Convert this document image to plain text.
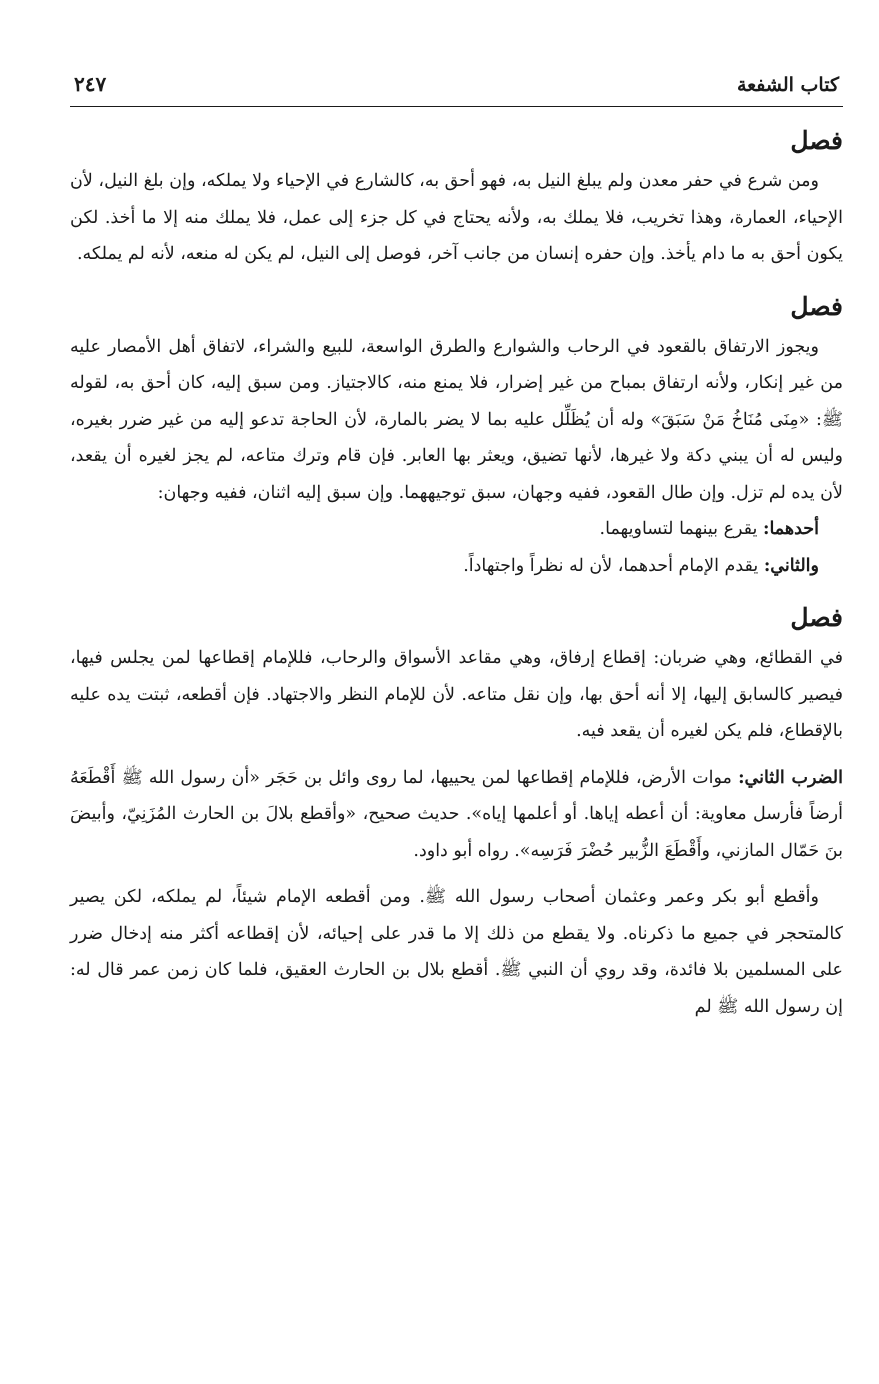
كتاب الشفعة
٢٤٧
فصل

ومن شرع في حفر معدن ولم يبلغ النيل به، فهو أحق به، كالشارع في الإحياء ولا يملكه، وإن بلغ النيل، لأن الإحياء، العمارة، وهذا تخريب، فلا يملك به، ولأنه يحتاج في كل جزء إلى عمل، فلا يملك منه إلا ما أخذ. لكن يكون أحق به ما دام يأخذ. وإن حفره إنسان من جانب آخر، فوصل إلى النيل، لم يكن له منعه، لأنه لم يملكه.

فصل

ويجوز الارتفاق بالقعود في الرحاب والشوارع والطرق الواسعة، للبيع والشراء، لاتفاق أهل الأمصار عليه من غير إنكار، ولأنه ارتفاق بمباح من غير إضرار، فلا يمنع منه، كالاجتياز. ومن سبق إليه، كان أحق به، لقوله ﷺ: «مِنَى مُنَاخُ مَنْ سَبَقَ» وله أن يُظَلِّل عليه بما لا يضر بالمارة، لأن الحاجة تدعو إليه من غير ضرر بغيره، وليس له أن يبني دكة ولا غيرها، لأنها تضيق، ويعثر بها العابر. فإن قام وترك متاعه، لم يجز لغيره أن يقعد، لأن يده لم تزل. وإن طال القعود، ففيه وجهان، سبق توجيههما. وإن سبق إليه اثنان، ففيه وجهان:

أحدهما: يقرع بينهما لتساويهما.
والثاني: يقدم الإمام أحدهما، لأن له نظراً واجتهاداً.
فصل

في القطائع، وهي ضربان: إقطاع إرفاق، وهي مقاعد الأسواق والرحاب، فللإمام إقطاعها لمن يجلس فيها، فيصير كالسابق إليها، إلا أنه أحق بها، وإن نقل متاعه. لأن للإمام النظر والاجتهاد. فإن أقطعه، ثبتت يده عليه بالإقطاع، فلم يكن لغيره أن يقعد فيه.

الضرب الثاني: موات الأرض، فللإمام إقطاعها لمن يحييها، لما روى وائل بن حَجَر «أن رسول الله ﷺ أَقْطَعَهُ أرضاً فأرسل معاوية: أن أعطه إياها. أو أعلمها إياه». حديث صحيح، «وأقطع بلالَ بن الحارث المُزَنِيّ، وأبيضَ بنَ حَمّال المازني، وأَقْطَعَ الزُّبير حُضْرَ فَرَسِه». رواه أبو داود.

وأقطع أبو بكر وعمر وعثمان أصحاب رسول الله ﷺ. ومن أقطعه الإمام شيئاً، لم يملكه، لكن يصير كالمتحجر في جميع ما ذكرناه. ولا يقطع من ذلك إلا ما قدر على إحيائه، لأن إقطاعه أكثر منه إدخال ضرر على المسلمين بلا فائدة، وقد روي أن النبي ﷺ. أقطع بلال بن الحارث العقيق، فلما كان زمن عمر قال له: إن رسول الله ﷺ لم
